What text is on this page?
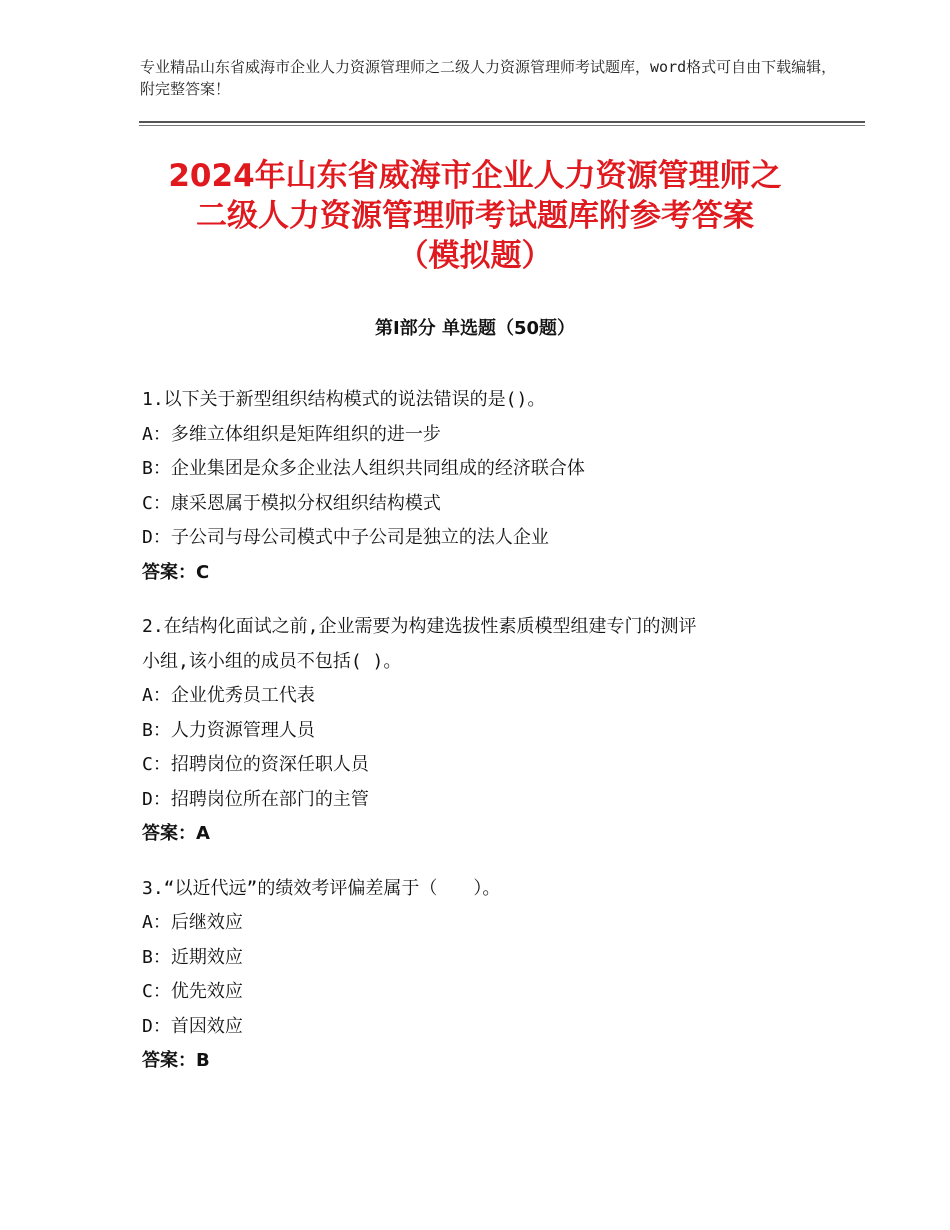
专业精品山东省威海市企业人力资源管理师之二级人力资源管理师考试题库，word格式可自由下载编辑，附完整答案！
2024年山东省威海市企业人力资源管理师之
二级人力资源管理师考试题库附参考答案
（模拟题）
第Ⅰ部分 单选题（50题）
1.以下关于新型组织结构模式的说法错误的是()。
A：多维立体组织是矩阵组织的进一步
B：企业集团是众多企业法人组织共同组成的经济联合体
C：康采恩属于模拟分权组织结构模式
D：子公司与母公司模式中子公司是独立的法人企业
答案：C
2.在结构化面试之前,企业需要为构建选拔性素质模型组建专门的测评
小组,该小组的成员不包括( )。
A：企业优秀员工代表
B：人力资源管理人员
C：招聘岗位的资深任职人员
D：招聘岗位所在部门的主管
答案：A
3.“以近代远”的绩效考评偏差属于（　　）。
A：后继效应
B：近期效应
C：优先效应
D：首因效应
答案：B
